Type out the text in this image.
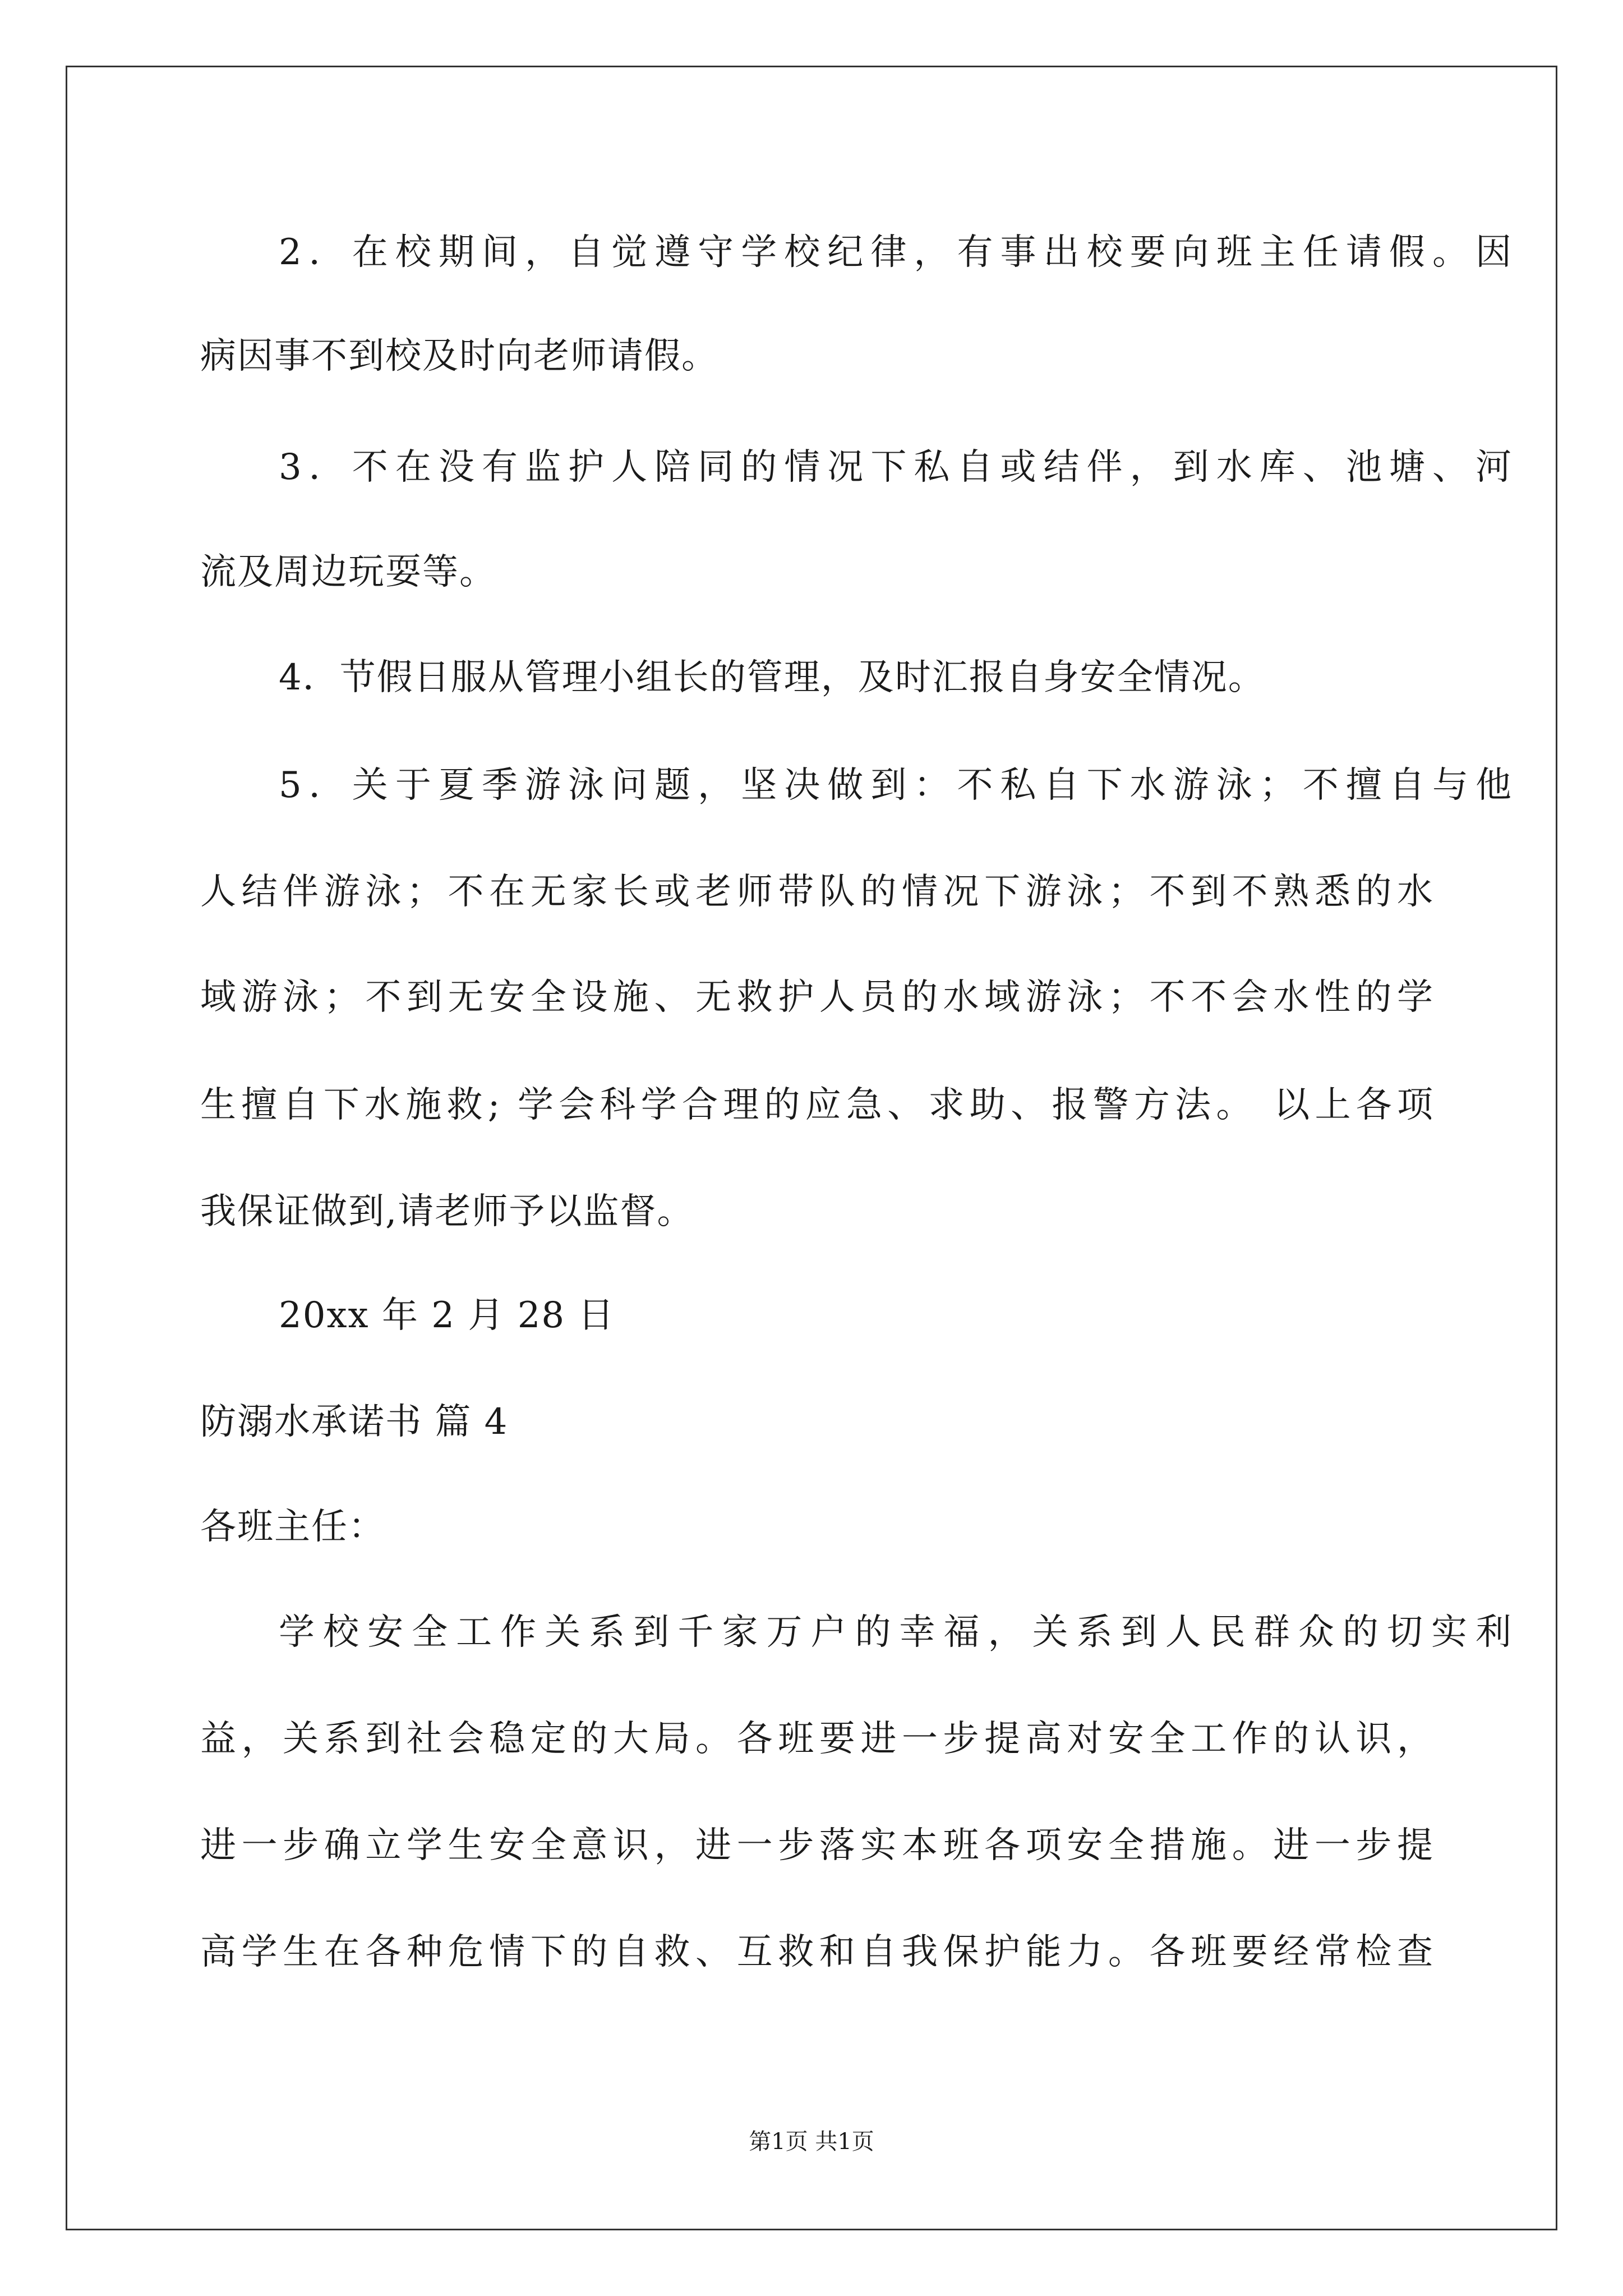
2．在校期间，自觉遵守学校纪律，有事出校要向班主任请假。因

病因事不到校及时向老师请假。

3．不在没有监护人陪同的情况下私自或结伴，到水库、池塘、河

流及周边玩耍等。

4．节假日服从管理小组长的管理，及时汇报自身安全情况。

5．关于夏季游泳问题，坚决做到：不私自下水游泳；不擅自与他

人结伴游泳；不在无家长或老师带队的情况下游泳；不到不熟悉的水

域游泳；不到无安全设施、无救护人员的水域游泳；不不会水性的学

生擅自下水施救; 学会科学合理的应急、求助、报警方法。 以上各项

我保证做到,请老师予以监督。

20xx 年 2 月 28 日

防溺水承诺书 篇 4

各班主任：

学校安全工作关系到千家万户的幸福，关系到人民群众的切实利

益，关系到社会稳定的大局。各班要进一步提高对安全工作的认识，

进一步确立学生安全意识，进一步落实本班各项安全措施。进一步提

高学生在各种危情下的自救、互救和自我保护能力。各班要经常检查

第1页 共1页
